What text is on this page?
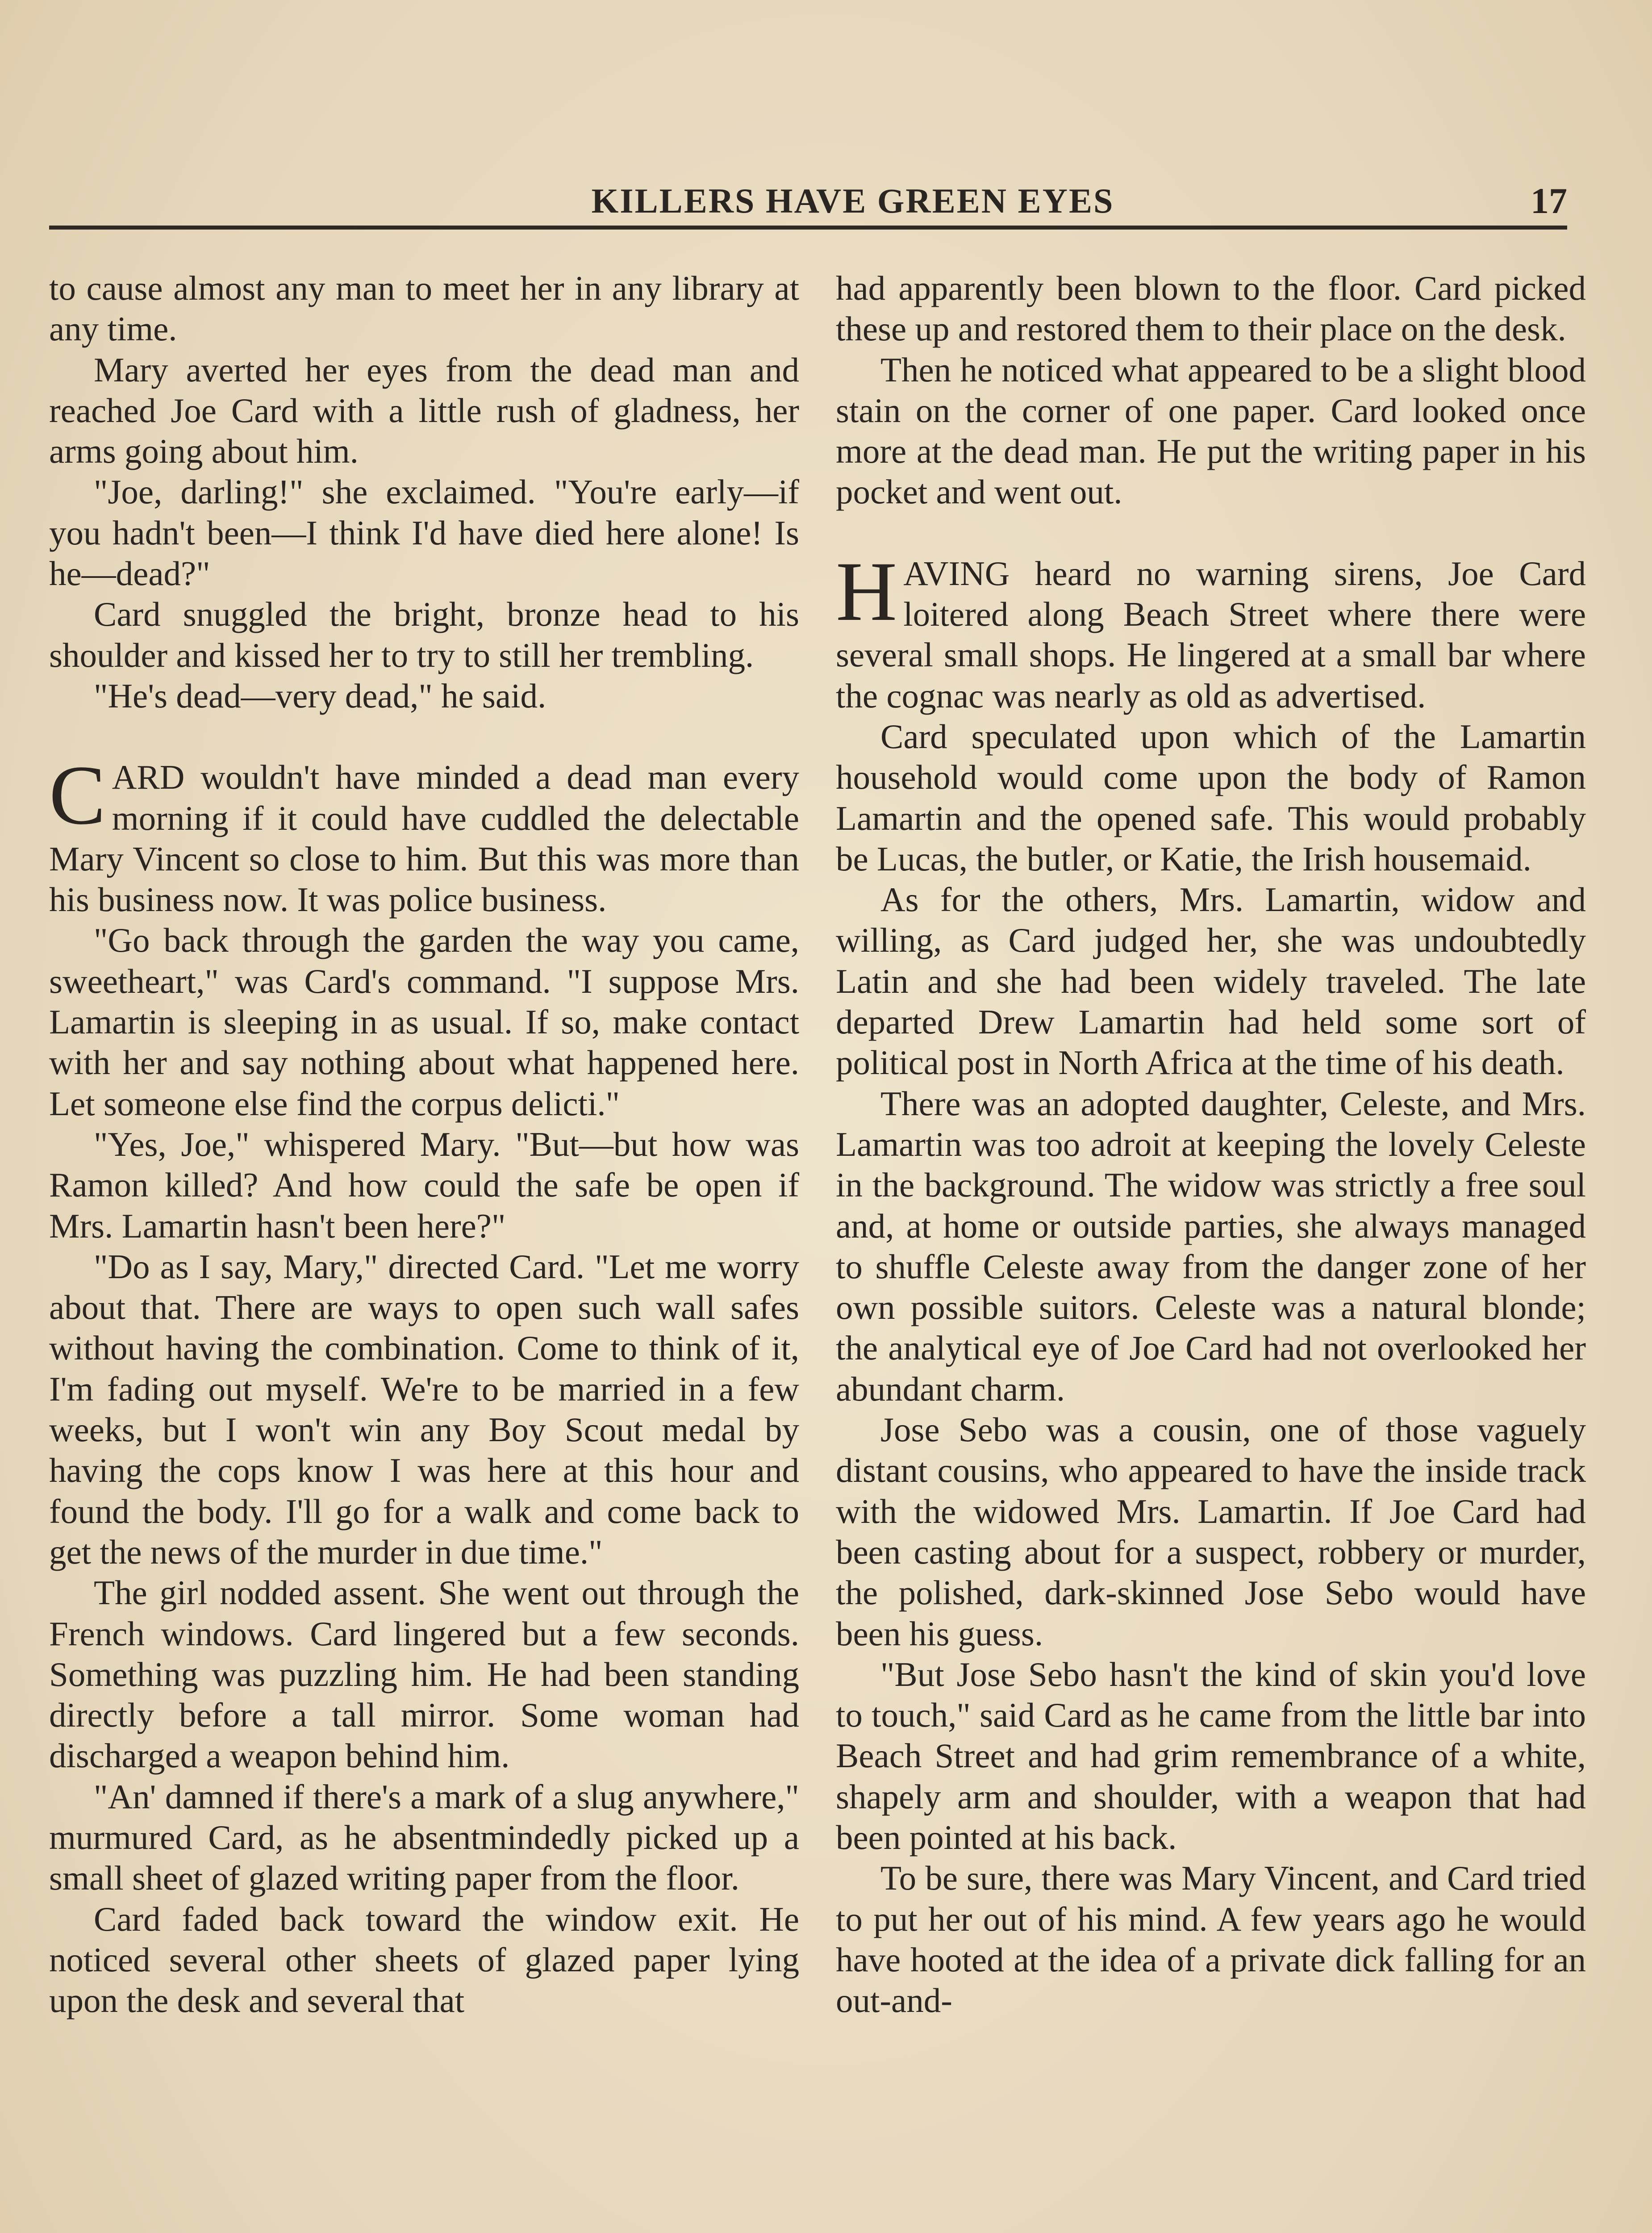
KILLERS HAVE GREEN EYES	17

to cause almost any man to meet her in any library at any time.

Mary averted her eyes from the dead man and reached Joe Card with a little rush of gladness, her arms going about him.

"Joe, darling!" she exclaimed. "You're early—if you hadn't been—I think I'd have died here alone! Is he—dead?"

Card snuggled the bright, bronze head to his shoulder and kissed her to try to still her trembling.

"He's dead—very dead," he said.

CARD wouldn't have minded a dead man every morning if it could have cuddled the delectable Mary Vincent so close to him. But this was more than his business now. It was police business.

"Go back through the garden the way you came, sweetheart," was Card's command. "I suppose Mrs. Lamartin is sleeping in as usual. If so, make contact with her and say nothing about what happened here. Let someone else find the corpus delicti."

"Yes, Joe," whispered Mary. "But—but how was Ramon killed? And how could the safe be open if Mrs. Lamartin hasn't been here?"

"Do as I say, Mary," directed Card. "Let me worry about that. There are ways to open such wall safes without having the combination. Come to think of it, I'm fading out myself. We're to be married in a few weeks, but I won't win any Boy Scout medal by having the cops know I was here at this hour and found the body. I'll go for a walk and come back to get the news of the murder in due time."

The girl nodded assent. She went out through the French windows. Card lingered but a few seconds. Something was puzzling him. He had been standing directly before a tall mirror. Some woman had discharged a weapon behind him.

"An' damned if there's a mark of a slug anywhere," murmured Card, as he absentmindedly picked up a small sheet of glazed writing paper from the floor.

Card faded back toward the window exit. He noticed several other sheets of glazed paper lying upon the desk and several that

had apparently been blown to the floor. Card picked these up and restored them to their place on the desk.

Then he noticed what appeared to be a slight blood stain on the corner of one paper. Card looked once more at the dead man. He put the writing paper in his pocket and went out.

HAVING heard no warning sirens, Joe Card loitered along Beach Street where there were several small shops. He lingered at a small bar where the cognac was nearly as old as advertised.

Card speculated upon which of the Lamartin household would come upon the body of Ramon Lamartin and the opened safe. This would probably be Lucas, the butler, or Katie, the Irish housemaid.

As for the others, Mrs. Lamartin, widow and willing, as Card judged her, she was undoubtedly Latin and she had been widely traveled. The late departed Drew Lamartin had held some sort of political post in North Africa at the time of his death.

There was an adopted daughter, Celeste, and Mrs. Lamartin was too adroit at keeping the lovely Celeste in the background. The widow was strictly a free soul and, at home or outside parties, she always managed to shuffle Celeste away from the danger zone of her own possible suitors. Celeste was a natural blonde; the analytical eye of Joe Card had not overlooked her abundant charm.

Jose Sebo was a cousin, one of those vaguely distant cousins, who appeared to have the inside track with the widowed Mrs. Lamartin. If Joe Card had been casting about for a suspect, robbery or murder, the polished, dark-skinned Jose Sebo would have been his guess.

"But Jose Sebo hasn't the kind of skin you'd love to touch," said Card as he came from the little bar into Beach Street and had grim remembrance of a white, shapely arm and shoulder, with a weapon that had been pointed at his back.

To be sure, there was Mary Vincent, and Card tried to put her out of his mind. A few years ago he would have hooted at the idea of a private dick falling for an out-and-
